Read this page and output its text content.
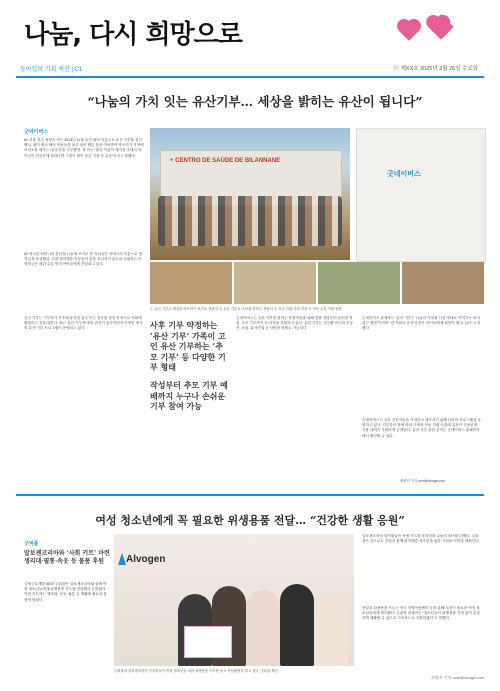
나눔, 다시 희망으로
동아일보 기획 섹션 | C1	ⓒ 제XX호 2025년 2월 26일 수요일
“나눔의 가치 잇는 유산기부… 세상을 밝히는 유산이 됩니다”
굿네이버스
#1 서울 거주 정영숙 씨는 2019년 11월 숨진 딸의 이름으로 유산 기부를 결심했다. 딸이 평소 해외 아동들을 돕고 싶어 했던 뜻을 이어받아 아프리카 지역에 보건소를 세우는 데 유산을 기부했다. 정 씨는 “딸의 이름이 새겨진 곳에서 아이들이 건강하게 자란다면 그것이 딸이 남긴 가장 큰 유산”이라고 말했다.
#2 작고한 어머니의 유산을 나눔에 쓰기로 한 자녀들은 어머니의 이름으로 장학금을 조성했다. 국내 취약계층 아동들이 꿈을 포기하지 않도록 지원하는 이 장학금은 매년 수십 명의 아이들에게 전달되고 있다.
+ CENTRO DE SAÚDE DE BILANNANE
굿네이버스
① 유산 기부로 개설한 아프리카 보건소 현판식 ② 유산 기부로 조성된 장학금 전달식 ③ 식수 지원 사업 현장 ④ 아동 교육 지원 현장
유산 기부는 기부자가 사후에 유산의 일부 또는 전부를 공익 목적으로 사회에 환원하는 것을 말한다. 최근 유산 기부에 대한 관심이 높아지면서 다양한 방식의 유산 기부 프로그램이 운영되고 있다.	사후 기부 약정하는 ‘유산 기부’ 가족이 고인 유산 기부하는 ‘추모 기부’ 등 다양한 기부 형태
작성부터 추모 기부 예배까지 누구나 손쉬운 기부 참여 가능
굿네이버스는 유산 기부를 원하는 후원자들을 위해 법률 상담부터 유언장 작성, 추모 기부까지 전 과정을 지원하고 있다. 유산 기부는 현금뿐 아니라 부동산, 보험, 유가증권 등 다양한 형태로 가능하다.
굿네이버스 관계자는 “유산 기부는 나눔의 가치를 다음 세대로 이어가는 의미 있는 방법”이라며 “한 사람의 유산이 많은 아이들에게 희망이 될 수 있다”고 말했다.
굿네이버스는 유산 기부자들을 기억하고 예우하기 위해 다양한 프로그램을 운영하고 있다. 기부자의 뜻에 따라 국내외 아동 지원 사업에 유산이 사용되며, 사용 내역은 투명하게 공개된다. 유산 기부 관련 문의는 굿네이버스 홈페이지에서 확인할 수 있다.
최원지 기자 ncm@donga.com
여성 청소년에게 꼭 필요한 위생용품 전달… “건강한 생활 응원”
굿피플
알보젠코리아와 ‘사회 키트’ 마련 생리대·필통·속옷 등 물품 후원
국제구호개발 NGO 굿피플은 알보젠코리아와 함께 여성 청소년들에게 위생용품 키트를 전달했다고 밝혔다. 이번 키트에는 생리대, 속옷, 필통 등 생활에 필요한 물품이 담겼다.
Alvogen
굿피플과 알보젠코리아 임직원들이 여성 청소년을 위한 위생용품 키트를 들고 기념촬영을 하고 있다. 굿피플 제공
알보젠코리아 임직원들은 직접 키트를 포장하며 나눔의 의미를 더했다. 굿피플은 앞으로도 기업과 함께 취약계층 청소년을 위한 지원을 이어갈 계획이다.
전달된 위생용품 키트는 전국 지역아동센터 등을 통해 도움이 필요한 여성 청소년들에게 배부됐다. 굿피플 관계자는 “청소년들이 위생용품 걱정 없이 건강하게 생활할 수 있도록 지속적으로 지원하겠다”고 말했다.
최원지 기자 ncm@donga.com
